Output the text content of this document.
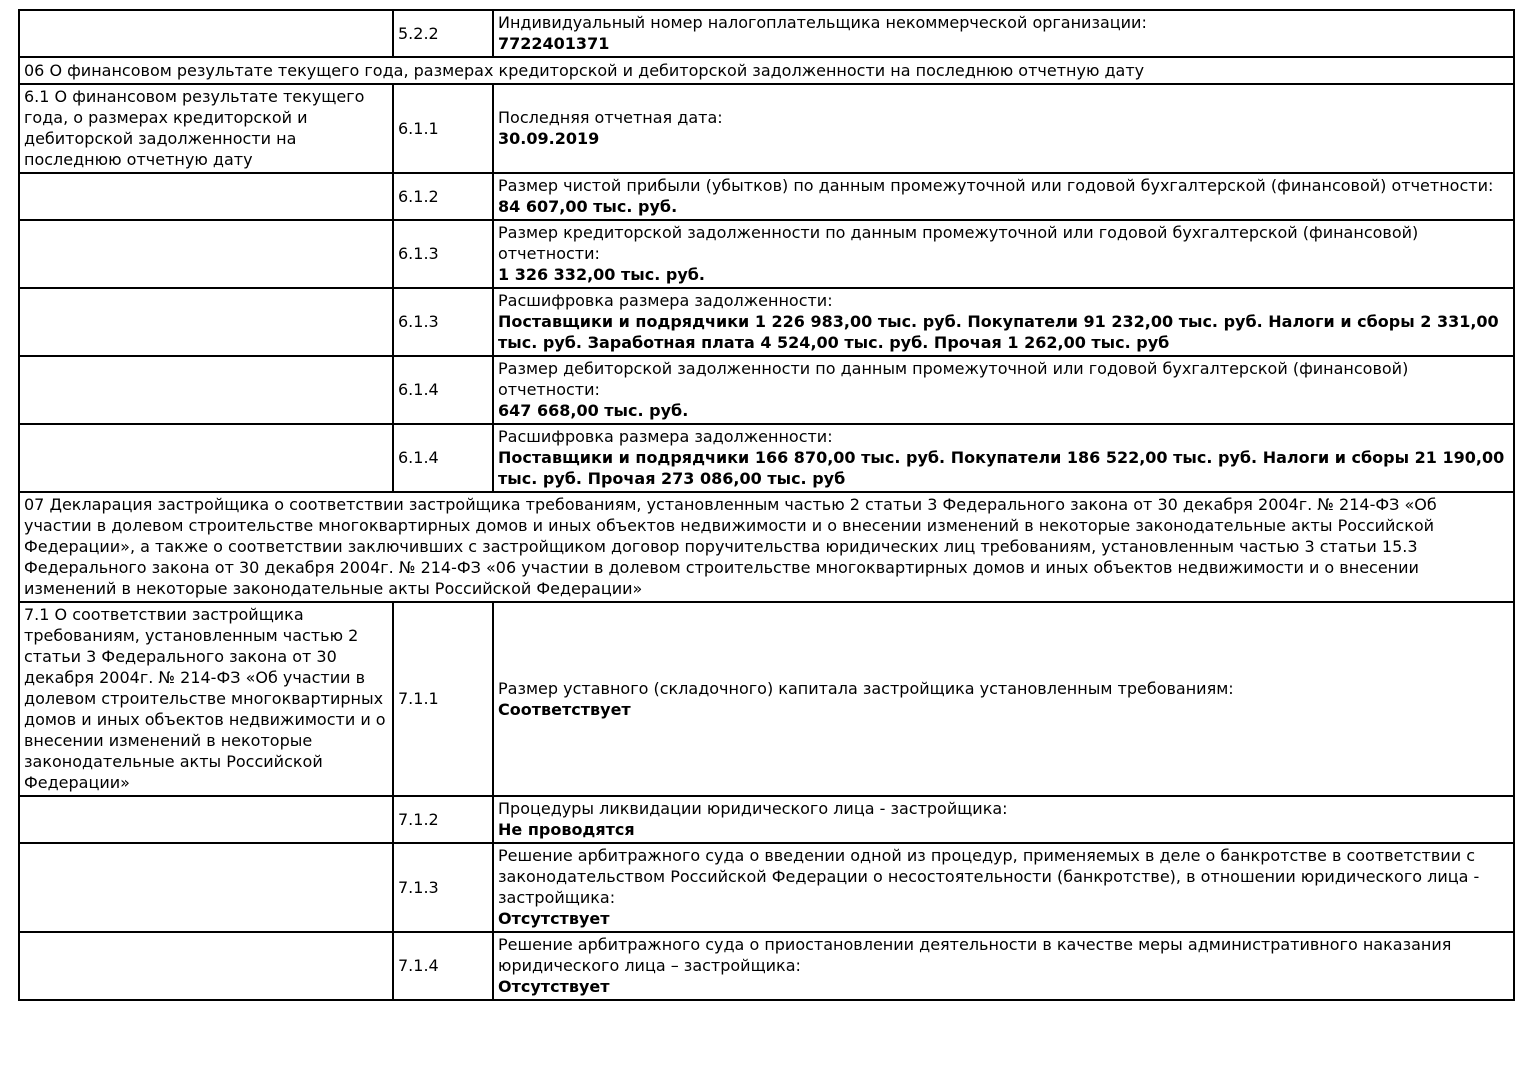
	5.2.2	Индивидуальный номер налогоплательщика некоммерческой организации:
7722401371

06 О финансовом результате текущего года, размерах кредиторской и дебиторской задолженности на последнюю отчетную дату		
6.1 О финансовом результате текущего года, о размерах кредиторской и дебиторской задолженности на последнюю отчетную дату	6.1.1	Последняя отчетная дата:
30.09.2019

	6.1.2	Размер чистой прибыли (убытков) по данным промежуточной или годовой бухгалтерской (финансовой) отчетности:
84 607,00 тыс. руб.

	6.1.3	Размер кредиторской задолженности по данным промежуточной или годовой бухгалтерской (финансовой) отчетности:
1 326 332,00 тыс. руб.

	6.1.3	Расшифровка размера задолженности:
Поставщики и подрядчики 1 226 983,00 тыс. руб. Покупатели 91 232,00 тыс. руб. Налоги и сборы 2 331,00 тыс. руб. Заработная плата 4 524,00 тыс. руб. Прочая 1 262,00 тыс. руб

	6.1.4	Размер дебиторской задолженности по данным промежуточной или годовой бухгалтерской (финансовой) отчетности:
647 668,00 тыс. руб.

	6.1.4	Расшифровка размера задолженности:
Поставщики и подрядчики 166 870,00 тыс. руб. Покупатели 186 522,00 тыс. руб. Налоги и сборы 21 190,00 тыс. руб. Прочая 273 086,00 тыс. руб

07 Декларация застройщика о соответствии застройщика требованиям, установленным частью 2 статьи 3 Федерального закона от 30 декабря 2004г. № 214-ФЗ «Об участии в долевом строительстве многоквартирных домов и иных объектов недвижимости и о внесении изменений в некоторые законодательные акты Российской Федерации», а также о соответствии заключивших с застройщиком договор поручительства юридических лиц требованиям, установленным частью 3 статьи 15.3 Федерального закона от 30 декабря 2004г. № 214-ФЗ «06 участии в долевом строительстве многоквартирных домов и иных объектов недвижимости и о внесении изменений в некоторые законодательные акты Российской Федерации»		
7.1 О соответствии застройщика требованиям, установленным частью 2 статьи 3 Федерального закона от 30 декабря 2004г. № 214-ФЗ «Об участии в долевом строительстве многоквартирных домов и иных объектов недвижимости и о внесении изменений в некоторые законодательные акты Российской Федерации»	7.1.1	Размер уставного (складочного) капитала застройщика установленным требованиям:
Соответствует

	7.1.2	Процедуры ликвидации юридического лица - застройщика:
Не проводятся

	7.1.3	Решение арбитражного суда о введении одной из процедур, применяемых в деле о банкротстве в соответствии с законодательством Российской Федерации о несостоятельности (банкротстве), в отношении юридического лица - застройщика:
Отсутствует

	7.1.4	Решение арбитражного суда о приостановлении деятельности в качестве меры административного наказания юридического лица – застройщика:
Отсутствует
